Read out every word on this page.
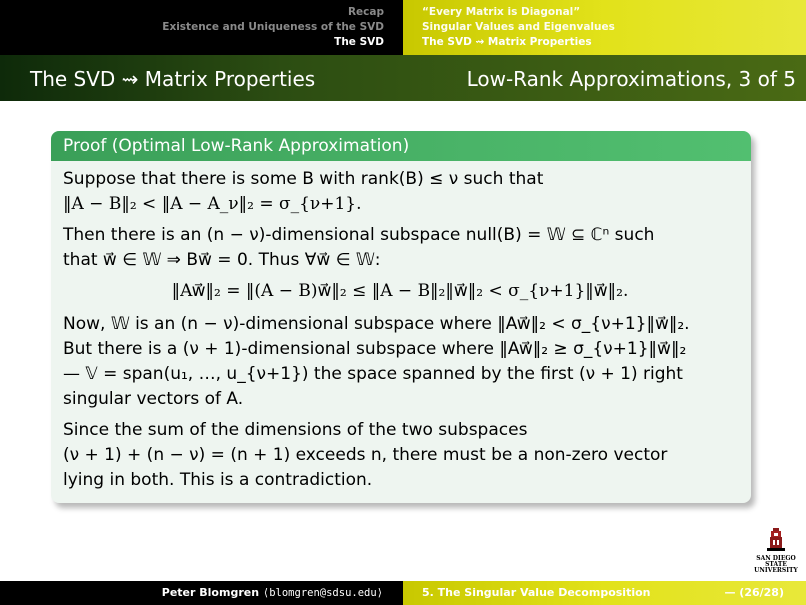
Recap
Existence and Uniqueness of the SVD
The SVD
“Every Matrix is Diagonal”
Singular Values and Eigenvalues
The SVD ⇝ Matrix Properties
The SVD ⇝ Matrix Properties	Low-Rank Approximations, 3 of 5
Proof (Optimal Low-Rank Approximation)

Suppose that there is some B with rank(B) ≤ ν such that
‖A − B‖₂ < ‖A − A_ν‖₂ = σ_{ν+1}.

Then there is an (n − ν)-dimensional subspace null(B) = 𝕎 ⊆ ℂⁿ such
that w⃗ ∈ 𝕎 ⇒ Bw⃗ = 0. Thus ∀w⃗ ∈ 𝕎:

‖Aw⃗‖₂ = ‖(A − B)w⃗‖₂ ≤ ‖A − B‖₂‖w⃗‖₂ < σ_{ν+1}‖w⃗‖₂.

Now, 𝕎 is an (n − ν)-dimensional subspace where ‖Aw⃗‖₂ < σ_{ν+1}‖w⃗‖₂.
But there is a (ν + 1)-dimensional subspace where ‖Aw⃗‖₂ ≥ σ_{ν+1}‖w⃗‖₂
— 𝕍 = span(u₁, …, u_{ν+1}) the space spanned by the first (ν + 1) right
singular vectors of A.

Since the sum of the dimensions of the two subspaces
(ν + 1) + (n − ν) = (n + 1) exceeds n, there must be a non-zero vector
lying in both. This is a contradiction.

SAN DIEGO STATE
UNIVERSITY
Peter Blomgren ⟨blomgren@sdsu.edu⟩	5. The Singular Value Decomposition	— (26/28)
